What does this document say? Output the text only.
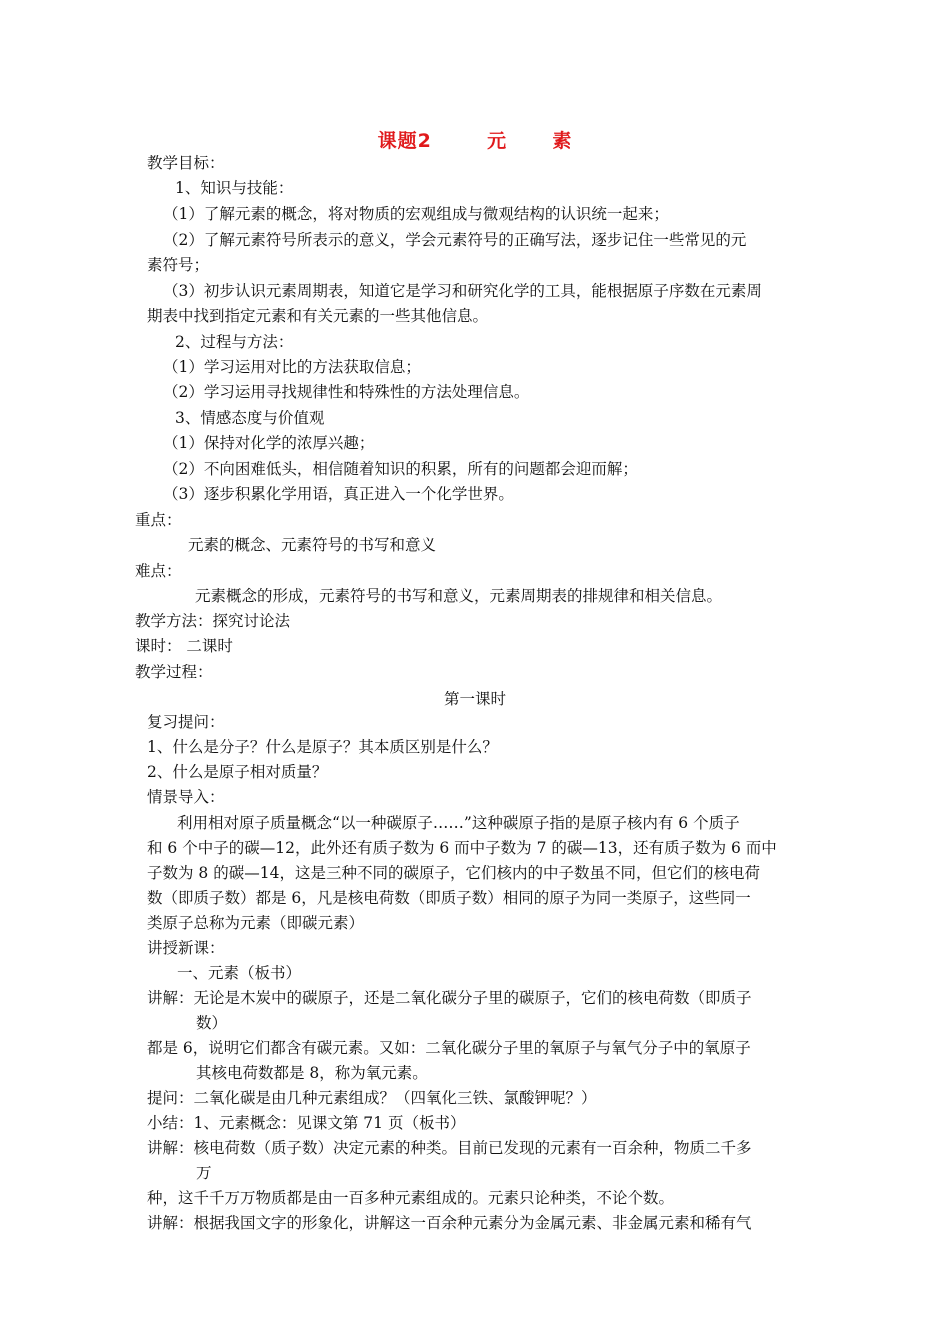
课题2	元 素
教学目标：
1、知识与技能：
（1）了解元素的概念，将对物质的宏观组成与微观结构的认识统一起来；
（2）了解元素符号所表示的意义，学会元素符号的正确写法，逐步记住一些常见的元
素符号；
（3）初步认识元素周期表，知道它是学习和研究化学的工具，能根据原子序数在元素周
期表中找到指定元素和有关元素的一些其他信息。
2、过程与方法：
（1）学习运用对比的方法获取信息；
（2）学习运用寻找规律性和特殊性的方法处理信息。
3、情感态度与价值观
（1）保持对化学的浓厚兴趣；
（2）不向困难低头，相信随着知识的积累，所有的问题都会迎而解；
（3）逐步积累化学用语，真正进入一个化学世界。
重点：
元素的概念、元素符号的书写和意义
难点：
元素概念的形成，元素符号的书写和意义，元素周期表的排规律和相关信息。
教学方法：探究讨论法
课时： 二课时
教学过程：
第一课时
复习提问：
1、什么是分子？什么是原子？其本质区别是什么？
2、什么是原子相对质量？
情景导入：
利用相对原子质量概念“以一种碳原子……”这种碳原子指的是原子核内有 6 个质子
和 6 个中子的碳—12，此外还有质子数为 6 而中子数为 7 的碳—13，还有质子数为 6 而中
子数为 8 的碳—14，这是三种不同的碳原子，它们核内的中子数虽不同，但它们的核电荷
数（即质子数）都是 6，凡是核电荷数（即质子数）相同的原子为同一类原子，这些同一
类原子总称为元素（即碳元素）
讲授新课：
一、元素（板书）
讲解：无论是木炭中的碳原子，还是二氧化碳分子里的碳原子，它们的核电荷数（即质子
数）
都是 6，说明它们都含有碳元素。又如：二氧化碳分子里的氧原子与氧气分子中的氧原子
其核电荷数都是 8，称为氧元素。
提问：二氧化碳是由几种元素组成？（四氧化三铁、氯酸钾呢？）
小结：1、元素概念：见课文第 71 页（板书）
讲解：核电荷数（质子数）决定元素的种类。目前已发现的元素有一百余种，物质二千多
万
种，这千千万万物质都是由一百多种元素组成的。元素只论种类，不论个数。
讲解：根据我国文字的形象化，讲解这一百余种元素分为金属元素、非金属元素和稀有气
